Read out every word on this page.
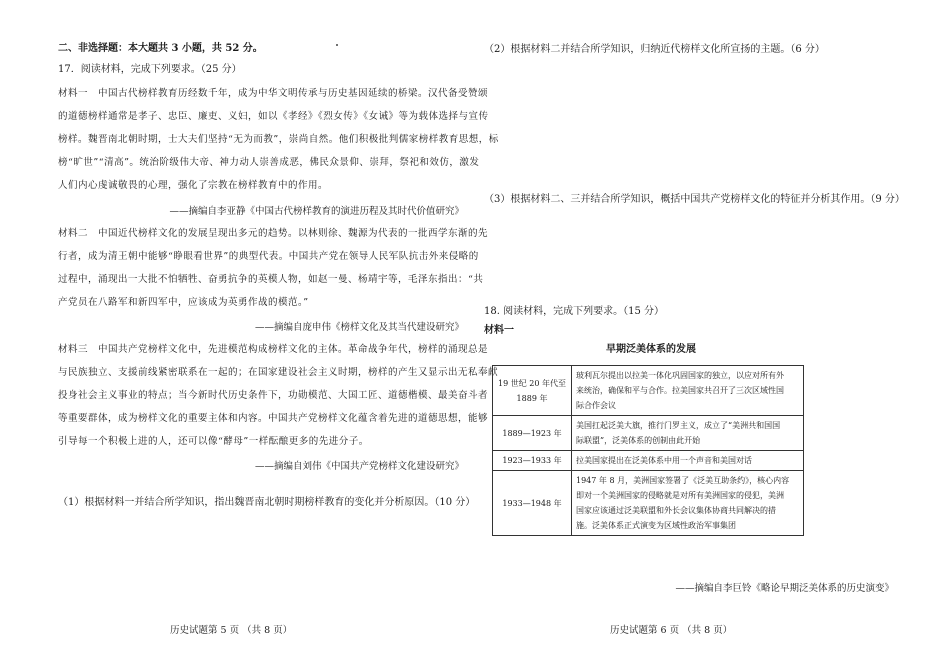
二、非选择题：本大题共 3 小题，共 52 分。
17．阅读材料，完成下列要求。（25 分）
材料一　中国古代榜样教育历经数千年，成为中华文明传承与历史基因延续的桥梁。汉代备受赞颂
的道德榜样通常是孝子、忠臣、廉吏、义妇，如以《孝经》《烈女传》《女诫》等为载体选择与宣传
榜样。魏晋南北朝时期，士大夫们坚持“无为而教”，崇尚自然。他们积极批判儒家榜样教育思想，标
榜“旷世”“清高”。统治阶级伟大帝、神力动人崇善成恶，佛民众景仰、崇拜，祭祀和效仿，激发
人们内心虔诚敬畏的心理，强化了宗教在榜样教育中的作用。
——摘编自李亚静《中国古代榜样教育的演进历程及其时代价值研究》
材料二　中国近代榜样文化的发展呈现出多元的趋势。以林则徐、魏源为代表的一批西学东渐的先
行者，成为清王朝中能够“睁眼看世界”的典型代表。中国共产党在领导人民军队抗击外来侵略的
过程中，涌现出一大批不怕牺牲、奋勇抗争的英模人物，如赵一曼、杨靖宇等，毛泽东指出：“共
产党员在八路军和新四军中，应该成为英勇作战的模范。”
——摘编自庞申伟《榜样文化及其当代建设研究》
材料三　中国共产党榜样文化中，先进模范构成榜样文化的主体。革命战争年代，榜样的涌现总是
与民族独立、支援前线紧密联系在一起的；在国家建设社会主义时期，榜样的产生又显示出无私奉献
投身社会主义事业的特点；当今新时代历史条件下，功勋模范、大国工匠、道德楷模、最美奋斗者
等重要群体，成为榜样文化的重要主体和内容。中国共产党榜样文化蕴含着先进的道德思想，能够
引导每一个积极上进的人，还可以像“酵母”一样酝酿更多的先进分子。
——摘编自刘伟《中国共产党榜样文化建设研究》
（1）根据材料一并结合所学知识，指出魏晋南北朝时期榜样教育的变化并分析原因。（10 分）
历史试题第 5 页 （共 8 页）
（2）根据材料二并结合所学知识，归纳近代榜样文化所宣扬的主题。（6 分）
（3）根据材料二、三并结合所学知识，概括中国共产党榜样文化的特征并分析其作用。（9 分）
18. 阅读材料，完成下列要求。（15 分）
材料一
早期泛美体系的发展
19 世纪 20 年代至
1889 年	玻利瓦尔提出以拉美一体化巩固国家的独立，以应对所有外
来统治，确保和平与合作。拉美国家共召开了三次区域性国
际合作会议

1889—1923 年	美国扛起泛美大旗，推行门罗主义，成立了“美洲共和国国
际联盟”，泛美体系的创制由此开始

1923—1933 年	拉美国家提出在泛美体系中用一个声音和美国对话

1933—1948 年	1947 年 8 月，美洲国家签署了《泛美互助条约》，核心内容
即对一个美洲国家的侵略就是对所有美洲国家的侵犯，美洲
国家应该通过泛美联盟和外长会议集体协商共同解决的措
施。泛美体系正式演变为区域性政治军事集团
——摘编自李巨铃《略论早期泛美体系的历史演变》
历史试题第 6 页 （共 8 页）
